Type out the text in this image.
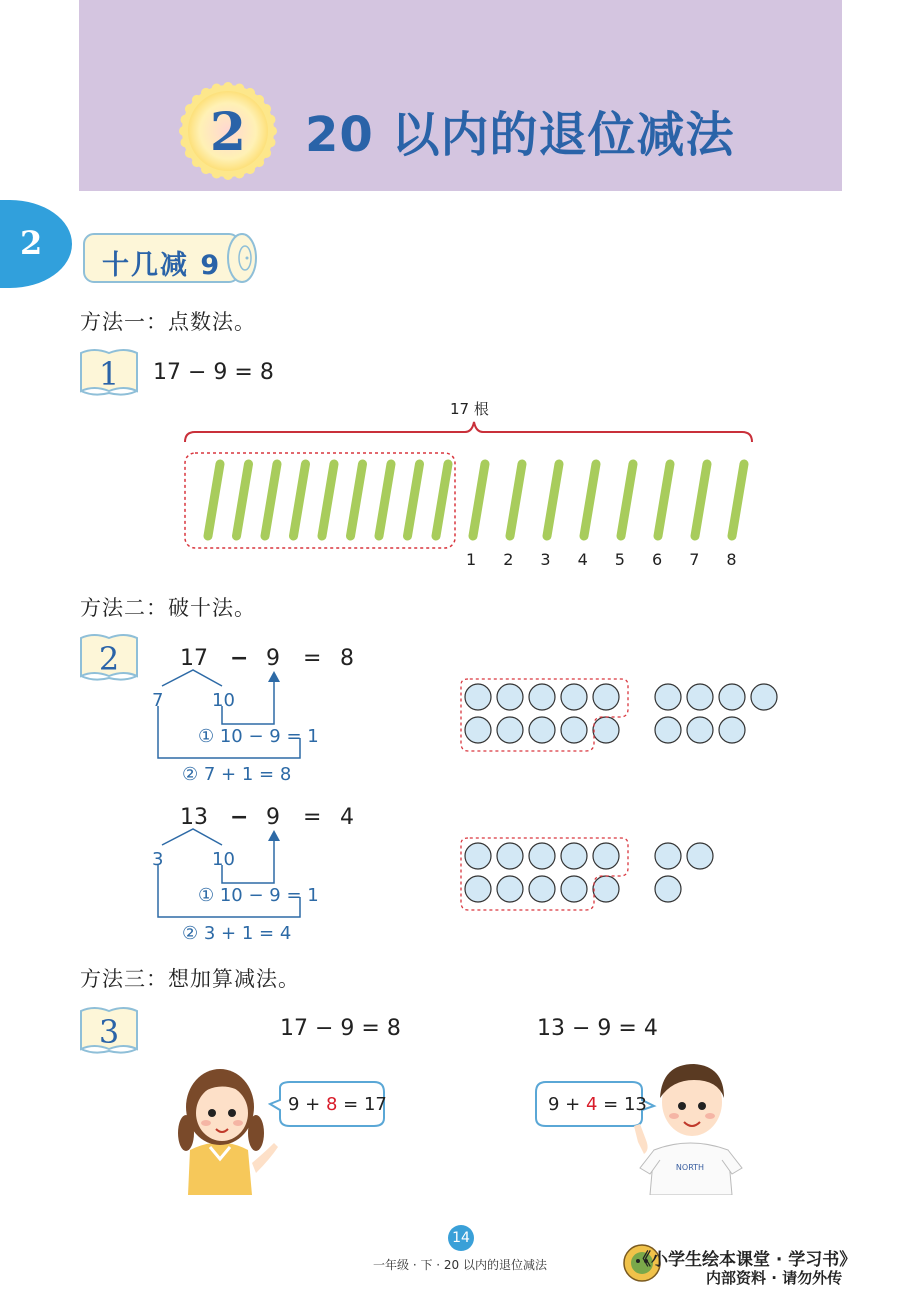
2 20 以内的退位减法
2
十几减 9
方法一：点数法。
1 17 − 9 = 8
17 根
1 2 3 4 5 6 7 8
方法二：破十法。
2	17 − 9 = 8
7	10
① 10 − 9 = 1
② 7 + 1 = 8
13 − 9 = 4
3	10
① 10 − 9 = 1
② 3 + 1 = 4
方法三：想加算减法。
3	17 − 9 = 8	13 − 9 = 4
9 + 8 = 17	9 + 4 = 13
NORTH
14
一年级 · 下 · 20 以内的退位减法	《小学生绘本课堂 · 学习书》
内部资料 · 请勿外传
